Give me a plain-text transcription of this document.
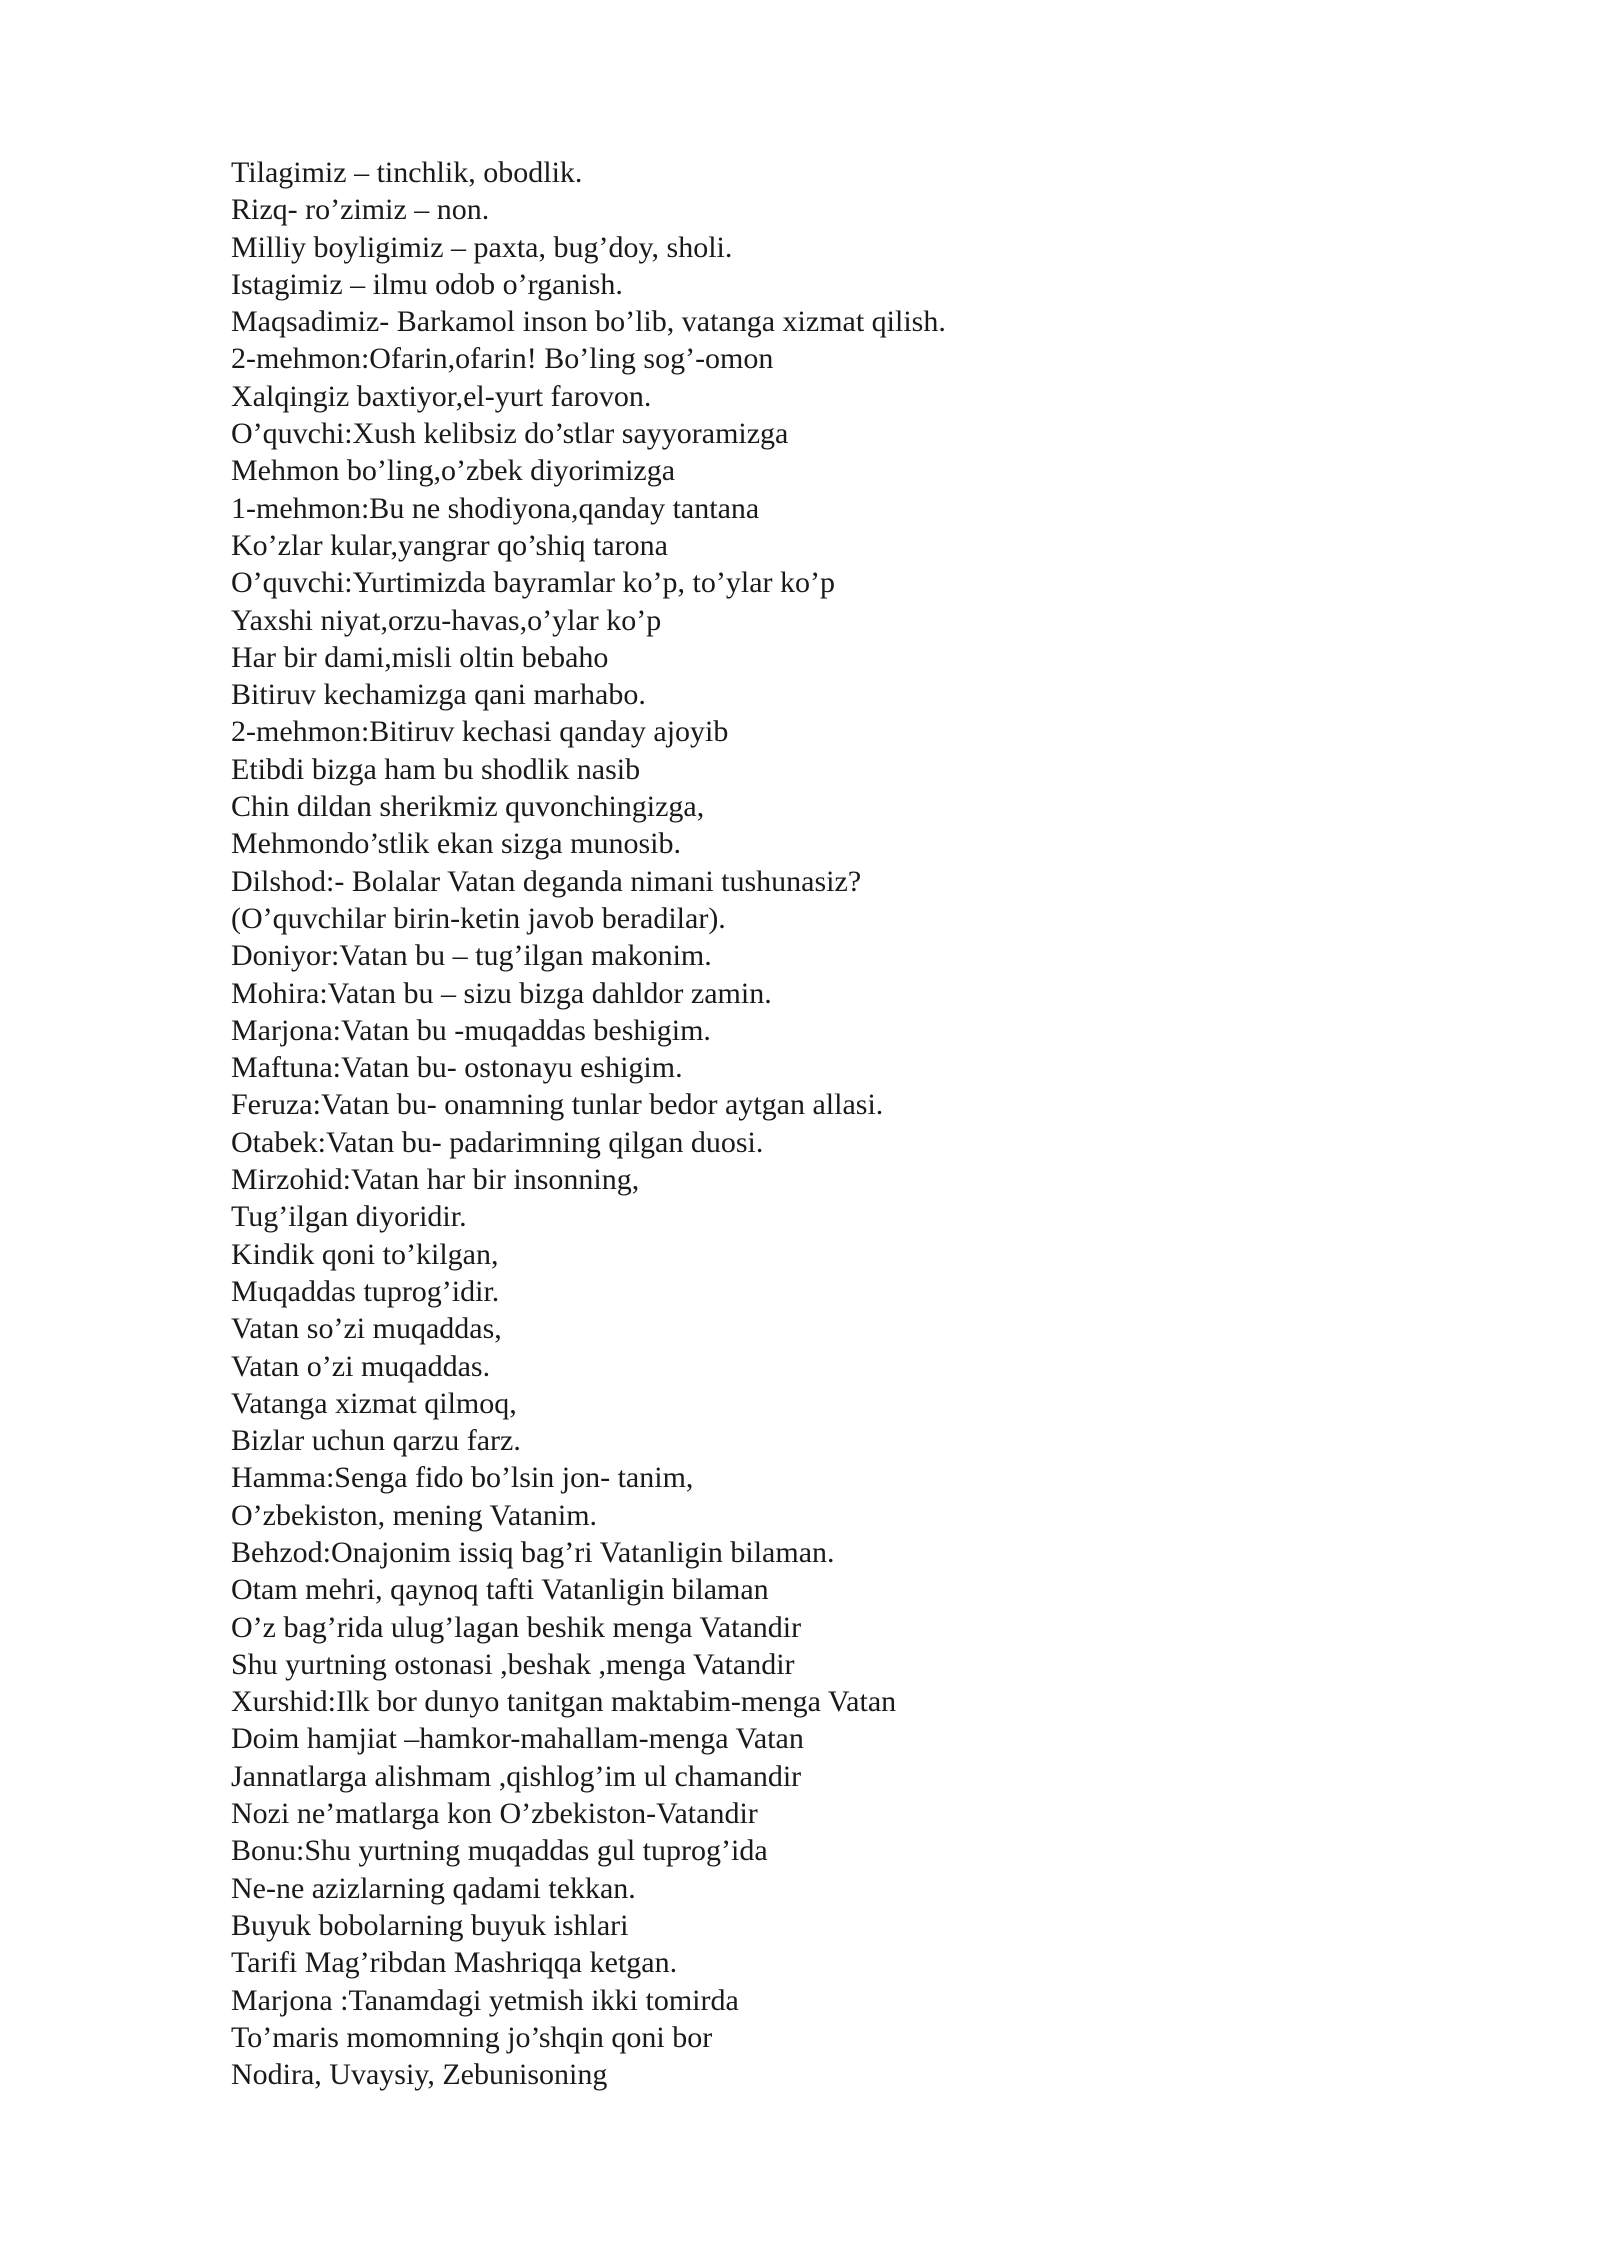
Tilagimiz – tinchlik, obodlik.
Rizq- ro’zimiz – non.
Milliy boyligimiz – paxta, bug’doy, sholi.
Istagimiz – ilmu odob o’rganish.
Maqsadimiz- Barkamol inson bo’lib, vatanga xizmat qilish.
2-mehmon:Ofarin,ofarin! Bo’ling sog’-omon
Xalqingiz baxtiyor,el-yurt farovon.
O’quvchi:Xush kelibsiz do’stlar sayyoramizga
Mehmon bo’ling,o’zbek diyorimizga
1-mehmon:Bu ne shodiyona,qanday tantana
Ko’zlar kular,yangrar qo’shiq tarona
O’quvchi:Yurtimizda bayramlar ko’p, to’ylar ko’p
Yaxshi niyat,orzu-havas,o’ylar ko’p
Har bir dami,misli oltin bebaho
Bitiruv kechamizga qani marhabo.
2-mehmon:Bitiruv kechasi qanday ajoyib
Etibdi bizga ham bu shodlik nasib
Chin dildan sherikmiz quvonchingizga,
Mehmondo’stlik ekan sizga munosib.
Dilshod:- Bolalar Vatan deganda nimani tushunasiz?
(O’quvchilar birin-ketin javob beradilar).
Doniyor:Vatan bu – tug’ilgan makonim.
Mohira:Vatan bu – sizu bizga dahldor zamin.
Marjona:Vatan bu -muqaddas beshigim.
Maftuna:Vatan bu- ostonayu eshigim.
Feruza:Vatan bu- onamning tunlar bedor aytgan allasi.
Otabek:Vatan bu- padarimning qilgan duosi.
Mirzohid:Vatan har bir insonning,
Tug’ilgan diyoridir.
Kindik qoni to’kilgan,
Muqaddas tuprog’idir.
Vatan so’zi muqaddas,
Vatan o’zi muqaddas.
Vatanga xizmat qilmoq,
Bizlar uchun qarzu farz.
Hamma:Senga fido bo’lsin jon- tanim,
O’zbekiston, mening Vatanim.
Behzod:Onajonim issiq bag’ri Vatanligin bilaman.
Otam mehri, qaynoq tafti Vatanligin bilaman
O’z bag’rida ulug’lagan beshik menga Vatandir
Shu yurtning ostonasi ,beshak ,menga Vatandir
Xurshid:Ilk bor dunyo tanitgan maktabim-menga Vatan
Doim hamjiat –hamkor-mahallam-menga Vatan
Jannatlarga alishmam ,qishlog’im ul chamandir
Nozi ne’matlarga kon O’zbekiston-Vatandir
Bonu:Shu yurtning muqaddas gul tuprog’ida
Ne-ne azizlarning qadami tekkan.
Buyuk bobolarning buyuk ishlari
Tarifi Mag’ribdan Mashriqqa ketgan.
Marjona :Tanamdagi yetmish ikki tomirda
To’maris momomning jo’shqin qoni bor
Nodira, Uvaysiy, Zebunisoning
